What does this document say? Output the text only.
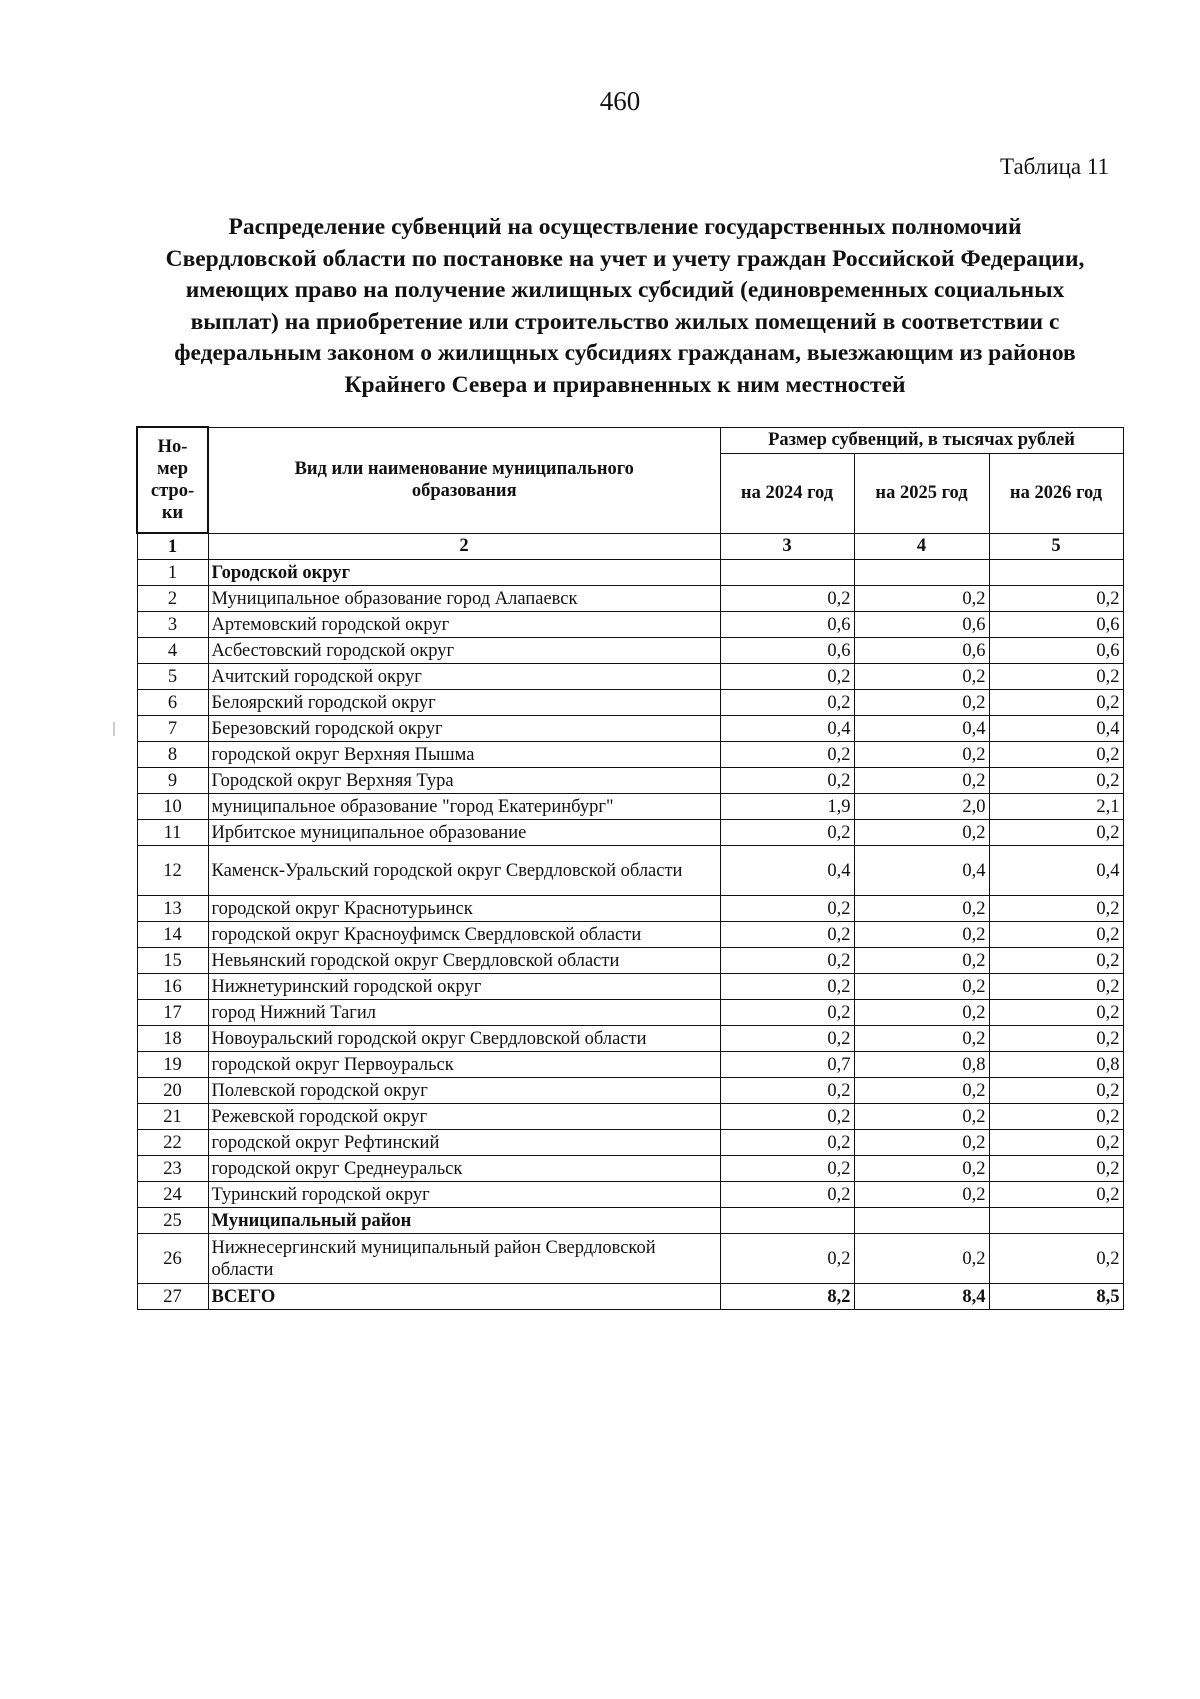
460
Таблица 11
Распределение субвенций на осуществление государственных полномочий Свердловской области по постановке на учет и учету граждан Российской Федерации, имеющих право на получение жилищных субсидий (единовременных социальных выплат) на приобретение или строительство жилых помещений в соответствии с федеральным законом о жилищных субсидиях гражданам, выезжающим из районов Крайнего Севера и приравненных к ним местностей
Но-
мер
стро-
ки	Вид или наименование муниципального образования	Размер субвенций, в тысячах рублей		
		на 2024 год	на 2025 год	на 2026 год
1	2	3	4	5
1	Городской округ			
2	Муниципальное образование город Алапаевск	0,2	0,2	0,2
3	Артемовский городской округ	0,6	0,6	0,6
4	Асбестовский городской округ	0,6	0,6	0,6
5	Ачитский городской округ	0,2	0,2	0,2
6	Белоярский городской округ	0,2	0,2	0,2
7	Березовский городской округ	0,4	0,4	0,4
8	городской округ Верхняя Пышма	0,2	0,2	0,2
9	Городской округ Верхняя Тура	0,2	0,2	0,2
10	муниципальное образование "город Екатеринбург"	1,9	2,0	2,1
11	Ирбитское муниципальное образование	0,2	0,2	0,2
12	Каменск-Уральский городской округ Свердловской области	0,4	0,4	0,4
13	городской округ Краснотурьинск	0,2	0,2	0,2
14	городской округ Красноуфимск Свердловской области	0,2	0,2	0,2
15	Невьянский городской округ Свердловской области	0,2	0,2	0,2
16	Нижнетуринский городской округ	0,2	0,2	0,2
17	город Нижний Тагил	0,2	0,2	0,2
18	Новоуральский городской округ Свердловской области	0,2	0,2	0,2
19	городской округ Первоуральск	0,7	0,8	0,8
20	Полевской городской округ	0,2	0,2	0,2
21	Режевской городской округ	0,2	0,2	0,2
22	городской округ Рефтинский	0,2	0,2	0,2
23	городской округ Среднеуральск	0,2	0,2	0,2
24	Туринский городской округ	0,2	0,2	0,2
25	Муниципальный район			
26	Нижнесергинский муниципальный район Свердловской области	0,2	0,2	0,2
27	ВСЕГО	8,2	8,4	8,5
